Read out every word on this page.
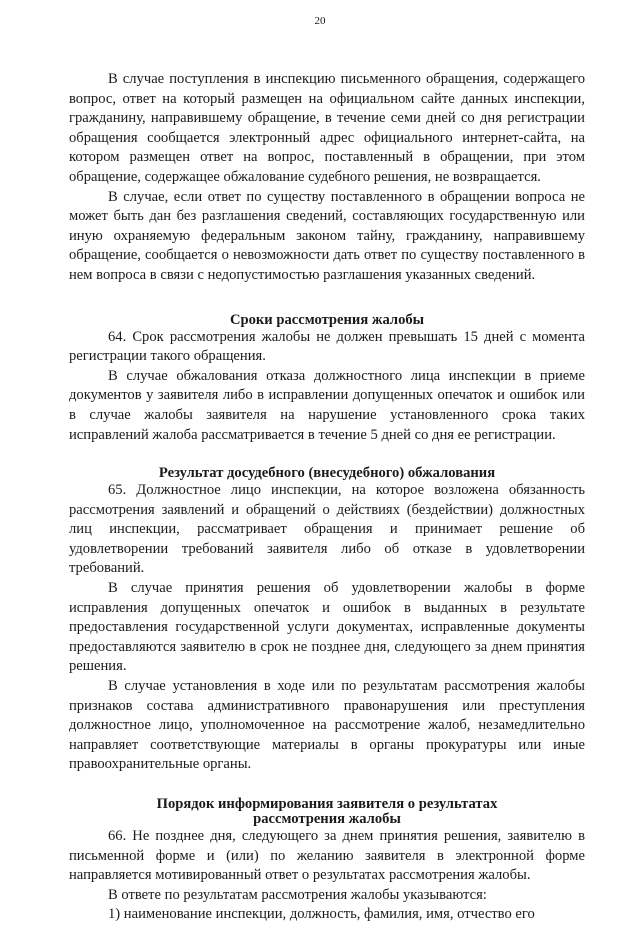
20

В случае поступления в инспекцию письменного обращения, содержащего вопрос, ответ на который размещен на официальном сайте данных инспекции, гражданину, направившему обращение, в течение семи дней со дня регистрации обращения сообщается электронный адрес официального интернет-сайта, на котором размещен ответ на вопрос, поставленный в обращении, при этом обращение, содержащее обжалование судебного решения, не возвращается.

В случае, если ответ по существу поставленного в обращении вопроса не может быть дан без разглашения сведений, составляющих государственную или иную охраняемую федеральным законом тайну, гражданину, направившему обращение, сообщается о невозможности дать ответ по существу поставленного в нем вопроса в связи с недопустимостью разглашения указанных сведений.

Сроки рассмотрения жалобы

64. Срок рассмотрения жалобы не должен превышать 15 дней с момента регистрации такого обращения.

В случае обжалования отказа должностного лица инспекции в приеме документов у заявителя либо в исправлении допущенных опечаток и ошибок или в случае жалобы заявителя на нарушение установленного срока таких исправлений жалоба рассматривается в течение 5 дней со дня ее регистрации.

Результат досудебного (внесудебного) обжалования

65. Должностное лицо инспекции, на которое возложена обязанность рассмотрения заявлений и обращений о действиях (бездействии) должностных лиц инспекции, рассматривает обращения и принимает решение об удовлетворении требований заявителя либо об отказе в удовлетворении требований.

В случае принятия решения об удовлетворении жалобы в форме исправления допущенных опечаток и ошибок в выданных в результате предоставления государственной услуги документах, исправленные документы предоставляются заявителю в срок не позднее дня, следующего за днем принятия решения.

В случае установления в ходе или по результатам рассмотрения жалобы признаков состава административного правонарушения или преступления должностное лицо, уполномоченное на рассмотрение жалоб, незамедлительно направляет соответствующие материалы в органы прокуратуры или иные правоохранительные органы.

Порядок информирования заявителя о результатах
рассмотрения жалобы

66. Не позднее дня, следующего за днем принятия решения, заявителю в письменной форме и (или) по желанию заявителя в электронной форме направляется мотивированный ответ о результатах рассмотрения жалобы.

В ответе по результатам рассмотрения жалобы указываются:

1) наименование инспекции, должность, фамилия, имя, отчество его
